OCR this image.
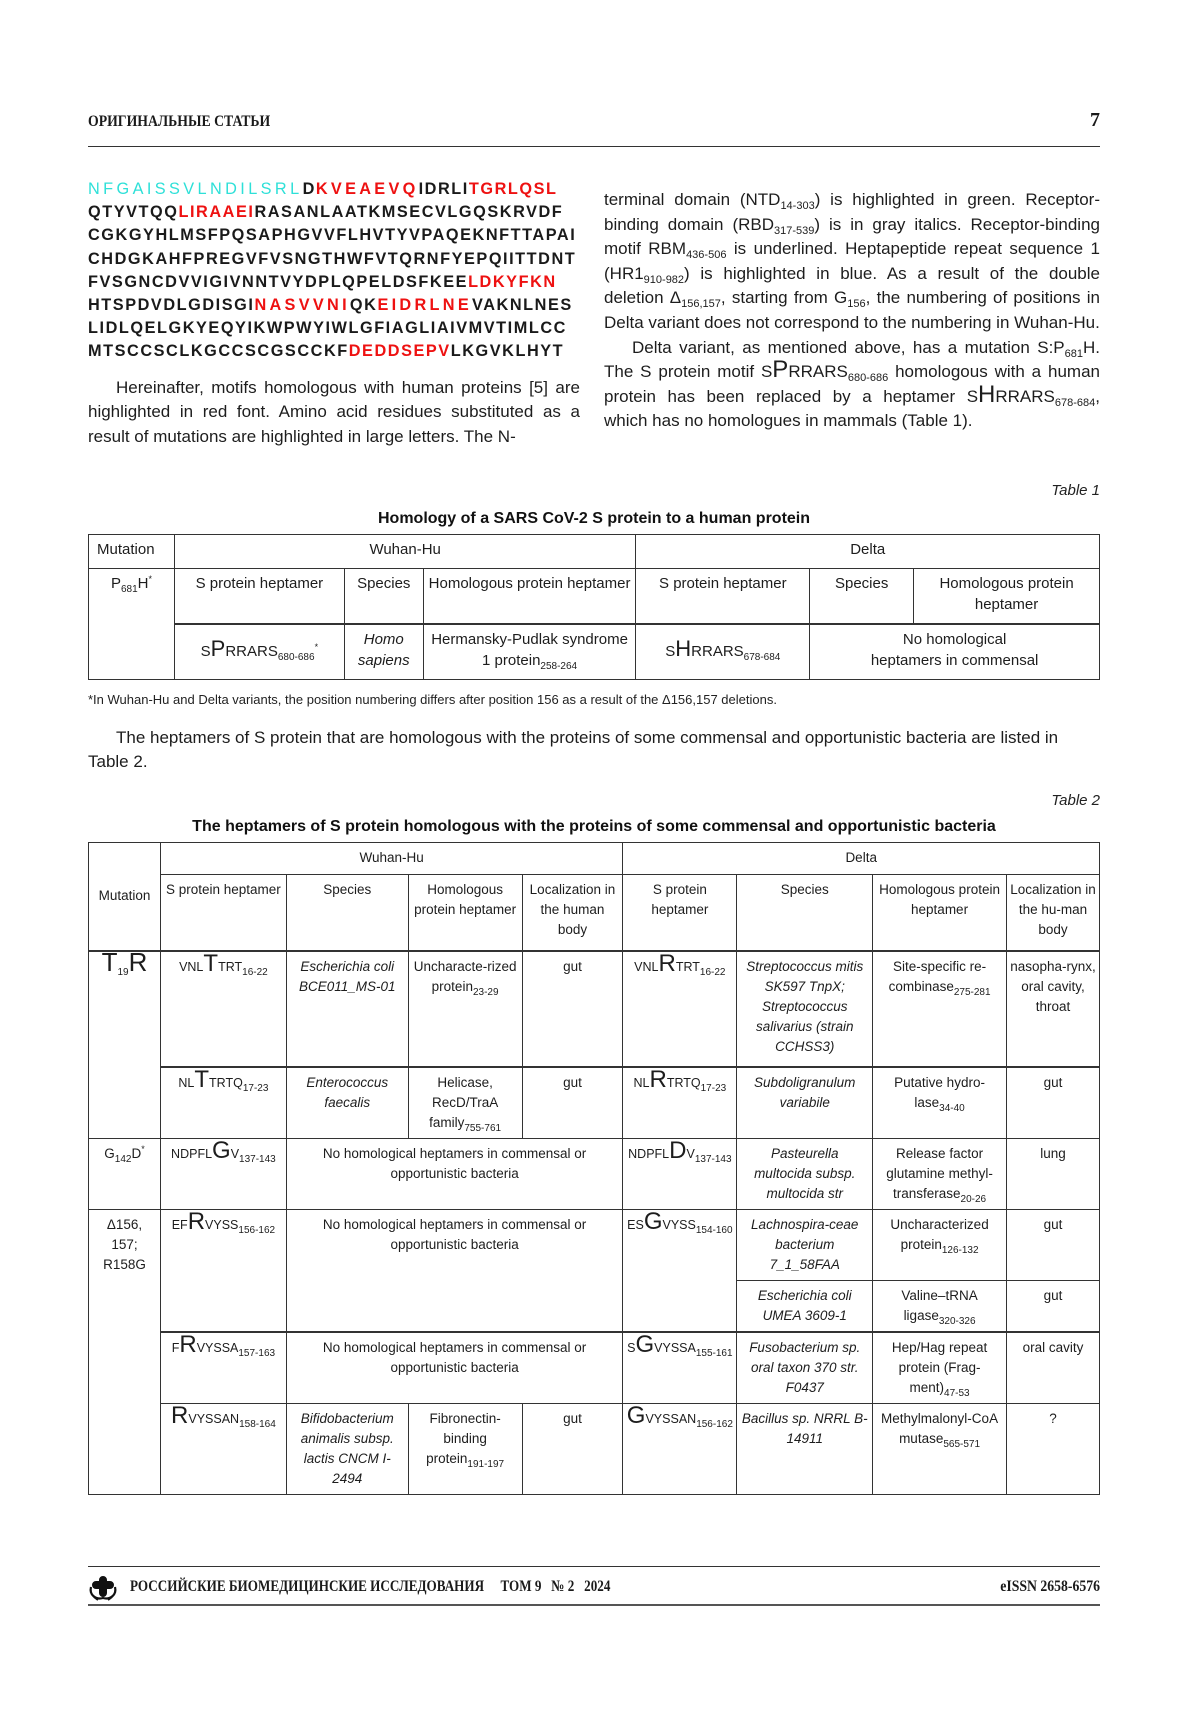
ОРИГИНАЛЬНЫЕ СТАТЬИ	7
NFGAISSVLNDILSRLDKVEAEVQIDRLITGRLQSL
QTYVTQQLIRAAEIRASANLAATKMSECVLGQSKRVDF
CGKGYHLMSFPQSAPHGVVFLHVTYVPAQEKNFTTAPAI
CHDGKAHFPREGVFVSNGTHWFVTQRNFYEPQIITTDNT
FVSGNCDVVIGIVNNTVYDPLQPELDSFKEELDKYFKN
HTSPDVDLGDISGINASVVNIQKEIDRLNEVAKNLNES
LIDLQELGKYEQYIKWPWYIWLGFIAGLIAIVMVTIMLCC
MTSCCSCLKGCCSCGSCCKFDEDDSEPVLKGVKLHYT

Hereinafter, motifs homologous with human proteins [5] are highlighted in red font. Amino acid residues substituted as a result of mutations are highlighted in large letters. The N-

terminal domain $(NTD_{14-303})$ is highlighted in green. Receptor-binding domain $(RBD_{317-539})$ is in gray italics. Receptor-binding motif $RBM_{436-506}$ is underlined. Heptapeptide repeat sequence 1 $(HR1_{910-982})$ is highlighted in blue. As a result of the double deletion $\Delta_{156,157}$, starting from $G_{156}$, the numbering of positions in Delta variant does not correspond to the numbering in Wuhan-Hu.

Delta variant, as mentioned above, has a mutation $S:P_{681}H$. The S protein motif $SPRRARS_{680-686}$ homologous with a human protein has been replaced by a heptamer $SHRRARS_{678-684}$, which has no homologues in mammals (Table 1).

Table 1
Homology of a SARS CoV-2 S protein to a human protein
Mutation	Wuhan-Hu			Delta		
$P_{681}H^*$	S protein heptamer	Species	Homologous protein heptamer	S protein heptamer	Species	Homologous protein heptamer
	$SPRRARS_{680-686}^*$	Homo sapiens	Hermansky-Pudlak syndrome 1 protein$_{258-264}$	$SHRRARS_{678-684}$	No homological heptamers in commensal	
*In Wuhan-Hu and Delta variants, the position numbering differs after position 156 as a result of the Δ156,157 deletions.
The heptamers of S protein that are homologous with the proteins of some commensal and opportunistic bacteria are listed in Table 2.
Table 2
The heptamers of S protein homologous with the proteins of some commensal and opportunistic bacteria
Mutation	Wuhan-Hu				Delta			
	S protein heptamer	Species	Homologous protein heptamer	Localization in the human body	S protein heptamer	Species	Homologous protein heptamer	Localization in the hu-man body
$T_{19}R$	$VNLTTRT_{16-22}$	Escherichia coli BCE011_MS-01	Uncharacte-rized protein$_{23-29}$	gut	$VNLRTRT_{16-22}$	Streptococcus mitis SK597 TnpX; Streptococcus salivarius (strain CCHSS3)	Site-specific re-combinase$_{275-281}$	nasopha-rynx, oral cavity, throat
	$NLTTRTQ_{17-23}$	Enterococcus faecalis	Helicase, RecD/TraA family$_{755-761}$	gut	$NLRTRTQ_{17-23}$	Subdoligranulum variabile	Putative hydro-lase$_{34-40}$	gut
$G_{142}D^*$	$NDPFLGV_{137-143}$	No homological heptamers in commensal or opportunistic bacteria			$NDPFLDV_{137-143}$	Pasteurella multocida subsp. multocida str	Release factor glutamine methyl-transferase$_{20-26}$	lung
Δ156, 157; R158G	$EFRVYSS_{156-162}$	No homological heptamers in commensal or opportunistic bacteria			$ESGVYSS_{154-160}$	Lachnospira-ceae bacterium 7_1_58FAA	Uncharacterized protein$_{126-132}$	gut
						Escherichia coli UMEA 3609-1	Valine–tRNA ligase$_{320-326}$	gut
	$FRVYSSA_{157-163}$	No homological heptamers in commensal or opportunistic bacteria			$SGVYSSA_{155-161}$	Fusobacterium sp. oral taxon 370 str. F0437	Hep/Hag repeat protein $(Frag-ment)_{47-53}$	oral cavity
	$RVYSSAN_{158-164}$	Bifidobacterium animalis subsp. lactis CNCM I-2494	Fibronectin-binding protein$_{191-197}$	gut	$GVYSSAN_{156-162}$	Bacillus sp. NRRL B-14911	Methylmalonyl-CoA mutase$_{565-571}$	?
РОССИЙСКИЕ БИОМЕДИЦИНСКИЕ ИССЛЕДОВАНИЯ ТОМ 9 № 2 2024	eISSN 2658-6576
